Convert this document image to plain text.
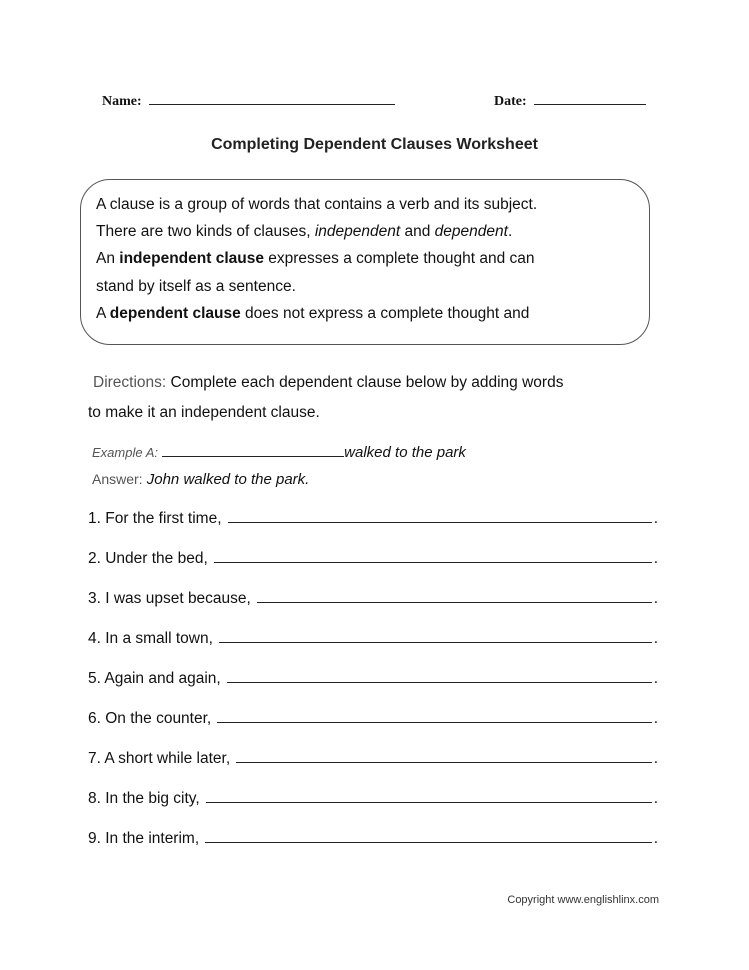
Name:	Date:
Completing Dependent Clauses Worksheet
A clause is a group of words that contains a verb and its subject.
There are two kinds of clauses, independent and dependent.
An independent clause expresses a complete thought and can
stand by itself as a sentence.
A dependent clause does not express a complete thought and
Directions: Complete each dependent clause below by adding words
to make it an independent clause.
Example A:	walked to the park
Answer: John walked to the park.
1. For the first time,	.
2. Under the bed,	.
3. I was upset because,	.
4. In a small town,	.
5. Again and again,	.
6. On the counter,	.
7. A short while later,	.
8. In the big city,	.
9. In the interim,	.
Copyright www.englishlinx.com
